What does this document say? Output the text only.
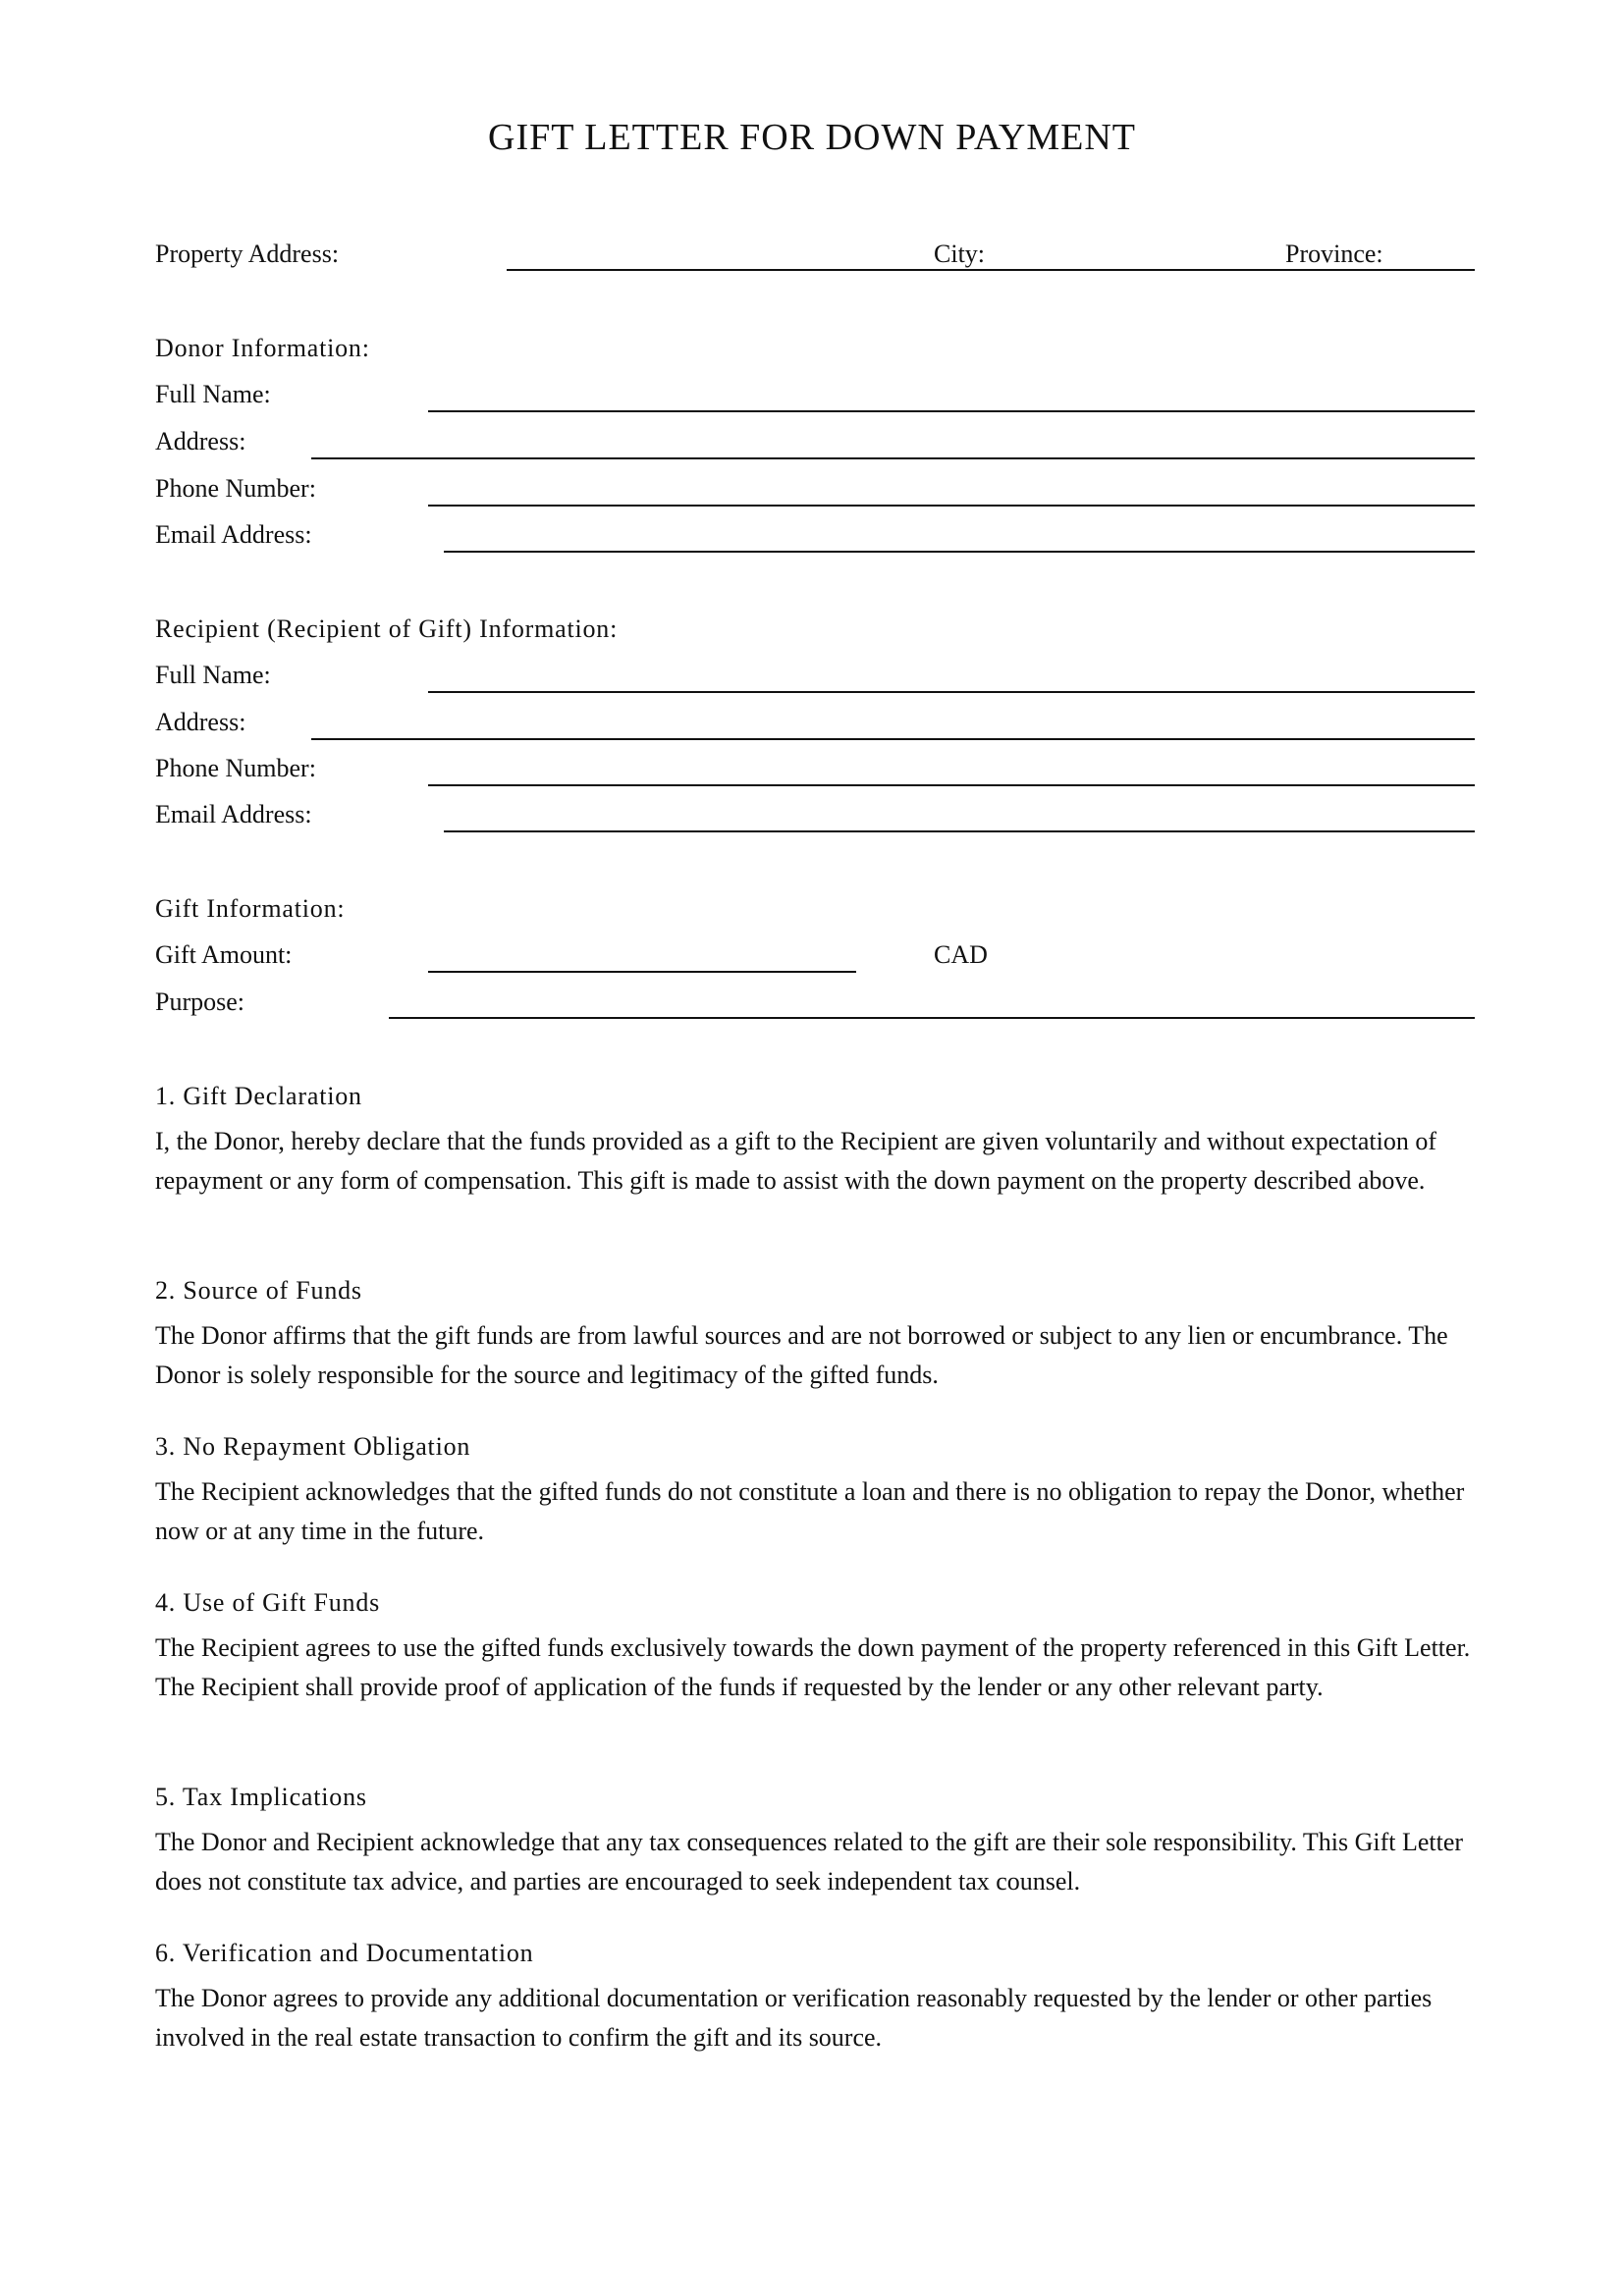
GIFT LETTER FOR DOWN PAYMENT
Property Address:	City:	Province:
Donor Information:
Full Name:
Address:
Phone Number:
Email Address:
Recipient (Recipient of Gift) Information:
Full Name:
Address:
Phone Number:
Email Address:
Gift Information:
Gift Amount:	CAD
Purpose:
1. Gift Declaration
I, the Donor, hereby declare that the funds provided as a gift to the Recipient are given voluntarily and without expectation of repayment or any form of compensation. This gift is made to assist with the down payment on the property described above.
2. Source of Funds
The Donor affirms that the gift funds are from lawful sources and are not borrowed or subject to any lien or encumbrance. The Donor is solely responsible for the source and legitimacy of the gifted funds.
3. No Repayment Obligation
The Recipient acknowledges that the gifted funds do not constitute a loan and there is no obligation to repay the Donor, whether now or at any time in the future.
4. Use of Gift Funds
The Recipient agrees to use the gifted funds exclusively towards the down payment of the property referenced in this Gift Letter. The Recipient shall provide proof of application of the funds if requested by the lender or any other relevant party.
5. Tax Implications
The Donor and Recipient acknowledge that any tax consequences related to the gift are their sole responsibility. This Gift Letter does not constitute tax advice, and parties are encouraged to seek independent tax counsel.
6. Verification and Documentation
The Donor agrees to provide any additional documentation or verification reasonably requested by the lender or other parties involved in the real estate transaction to confirm the gift and its source.
